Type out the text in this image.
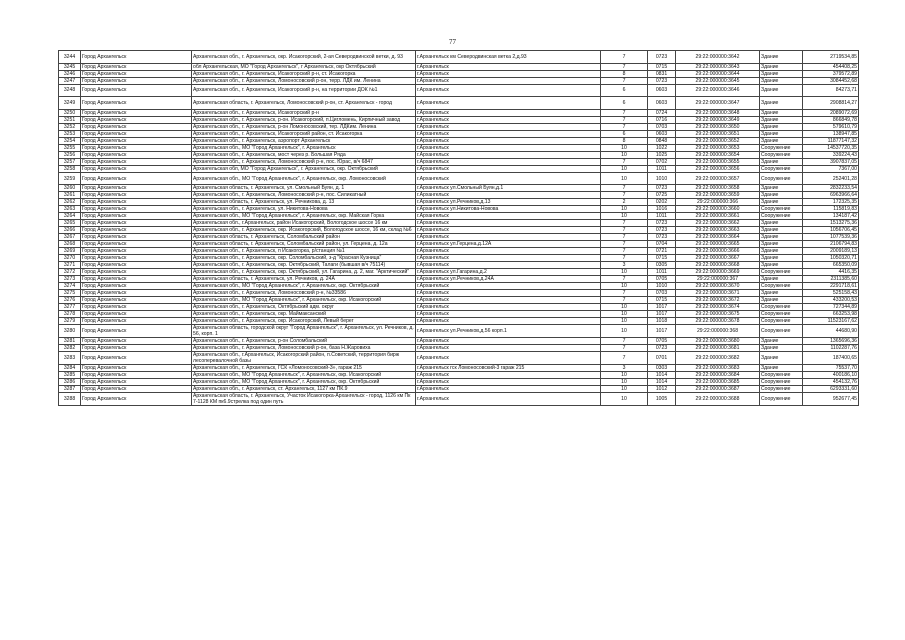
77
3244	Город Архангельск	Архангельская обл., г. Архангельск, окр. Исакогорский, 2-ая Северодвинской ветки, д. 93	г.Архангельск км Северодвинская ветка 2,д.93	7	0723	29:22:000000:3642	Здание	2719534,85
3245	Город Архангельск	обл Архангельская, МО "Город Архангельск", г Архангельск, окр Октябрьский	г.Архангельск	7	0715	29:22:000000:3643	Здание	454408,25
3246	Город Архангельск	Архангельская обл., г. Архангельск, Исакогорский р-н, ст. Исакогорка	г.Архангельск	8	0831	29:22:000000:3644	Здание	379572,89
3247	Город Архангельск	Архангельская обл., г. Архангельск, Ломоносовский р-он, терр. ЛДК им. Ленина	г.Архангельск	7	0723	29:22:000000:3645	Здание	3084452,68
3248	Город Архангельск	Архангельская обл., г. Архангельск, Исакогорский р-н, на территории ДОК №1	г.Архангельск	6	0603	29:22:000000:3646	Здание	84273,71
3249	Город Архангельск	Архангельская область, г. Архангельск, Ломоносовский р-он, ст. Архангельск - город	г.Архангельск	6	0603	29:22:000000:3647	Здание	2908814,27
3250	Город Архангельск	Архангельская обл., г. Архангельск, Исакогорский р-н	г.Архангельск	7	0724	29:22:000000:3648	Здание	2089072,69
3251	Город Архангельск	Архангельская обл., г. Архангельск, р-он. Исакогорский, п.Цигломень, Кирпичный завод	г.Архангельск	7	0716	29:22:000000:3649	Здание	866849,78
3252	Город Архангельск	Архангельская обл., г. Архангельск, р-он Ломоносовский, тер. ЛДКим. Ленина	г.Архангельск	7	0703	29:22:000000:3650	Здание	579610,79
3253	Город Архангельск	Архангельская обл., г. Архангельск, Исакогорский район, ст. Исакогорка	г.Архангельск	6	0603	29:22:000000:3651	Здание	138947,85
3254	Город Архангельск	Архангельская обл., г. Архангельск, аэропорт Архангельск	г.Архангельск	8	0848	29:22:000000:3652	Здание	11877147,32
3255	Город Архангельск	Архангельская обл., МО "Город Архангельск", г. Архангельск	г.Архангельск	10	1022	29:22:000000:3653	Сооружение	14537720,35
3256	Город Архангельск	Архангельская обл., г. Архангельск, мост через р. Большая Ряда	г.Архангельск	10	1025	29:22:000000:3654	Сооружение	339224,43
3257	Город Архангельск	Архангельская обл., г. Архангельск, Ломоносовский р-н, пос. Юрас, в/ч 6847	г.Архангельск	7	0702	29:22:000000:3655	Здание	3907837,05
3258	Город Архангельск	Архангельская обл, МО "Город Архангельск", г. Архангельск, окр. Октябрьский	г.Архангельск	10	1011	29:22:000000:3656	Сооружение	7367,00
3259	Город Архангельск	Архангельская обл., МО "Город Архангельск", г. Архангельск, окр. Ломоносовский	г.Архангельск	10	1010	29:22:000000:3657	Сооружение	252401,28
3260	Город Архангельск	Архангельская область, г. Архангельск, ул. Смольный Буян, д. 1	г.Архангельск ул.Смольный Буян,д.1	7	0723	29:22:000000:3658	Здание	2832233,54
3261	Город Архангельск	Архангельская обл., г. Архангельск, Ломоносовский р-н, пос. Силикатный	г.Архангельск	7	0725	29:22:000000:3659	Здание	6963966,64
3262	Город Архангельск	Архангельская область, г. Архангельск, ул. Речникова, д. 13	г.Архангельск ул.Речников,д.13	2	0202	29:22:000000:366	Здание	172325,35
3263	Город Архангельск	Архангельская обл., г. Архангельск, ул. Никитова-Новова	г.Архангельск ул.Никитова-Новова	10	1016	29:22:000000:3660	Сооружение	115819,83
3264	Город Архангельск	Архангельская обл., МО "Город Архангельск", г. Архангельск, окр. Майская Горка	г.Архангельск	10	1011	29:22:000000:3661	Сооружение	134187,42
3265	Город Архангельск	Архангельская обл., г.Архангельск, район Исакогорский, Вологодское шоссе 16 км	г.Архангельск	7	0723	29:22:000000:3662	Здание	1513275,36
3266	Город Архангельск	Архангельская обл., г. Архангельск, окр. Исакогорский, Вологодское шоссе, 16 км, склад №6	г.Архангельск	7	0723	29:22:000000:3663	Здание	1056706,45
3267	Город Архангельск	Архангельская область, г. Архангельск, Соломбальский район	г.Архангельск	7	0723	29:22:000000:3664	Здание	1077539,36
3268	Город Архангельск	Архангельская область, г. Архангельск, Соломбальский район, ул. Герцена, д. 12а	г.Архангельск ул.Герцена,д.12А	7	0704	29:22:000000:3665	Здание	2106794,83
3269	Город Архангельск	Архангельская обл., г. Архангельск, п Исакогорка, р/станция №1	г.Архангельск	7	0721	29:22:000000:3666	Здание	2009189,13
3270	Город Архангельск	Архангельская обл., г. Архангельск, окр. Соломбальский, з-д "Красная Кузница"	г.Архангельск	7	0715	29:22:000000:3667	Здание	1050320,71
3271	Город Архангельск	Архангельская обл., г. Архангельск, окр. Октябрьский, Талаги (бывшая в/ч 75114)	г.Архангельск	3	0305	29:22:000000:3668	Здание	665350,09
3272	Город Архангельск	Архангельская обл., г. Архангельск, окр. Октябрьский, ул. Гагарина, д. 2, маг. "Арктический"	г.Архангельск ул.Гагарина,д.2	10	1011	29:22:000000:3669	Сооружение	4416,35
3273	Город Архангельск	Архангельская область, г. Архангельск, ул. Речников, д. 24А	г.Архангельск ул.Речников,д.24А	7	0705	29:22:000000:367	Здание	2311385,60
3274	Город Архангельск	Архангельская обл., МО "Город Архангельск", г. Архангельск, окр. Октябрьский	г.Архангельск	10	1010	29:22:000000:3670	Сооружение	2291718,61
3275	Город Архангельск	Архангельская обл., г. Архангельск, Ломоносовский р-н, №33586	г.Архангельск	7	0703	29:22:000000:3671	Здание	525158,43
3276	Город Архангельск	Архангельская обл., МО "Город Архангельск", г. Архангельск, окр. Исакогорский	г.Архангельск	7	0715	29:22:000000:3672	Здание	433200,53
3277	Город Архангельск	Архангельская обл., г. Архангельск, Октябрьский адм. округ	г.Архангельск	10	1017	29:22:000000:3674	Сооружение	727344,89
3278	Город Архангельск	Архангельская обл., г. Архангельск, окр. Маймаксанский	г.Архангельск	10	1017	29:22:000000:3675	Сооружение	663253,98
3279	Город Архангельск	Архангельская обл., г. Архангельск, окр. Исакогорский, Левый берег	г.Архангельск	10	1018	29:22:000000:3678	Сооружение	11523167,62
3280	Город Архангельск	Архангельская область, городской округ "Город Архангельск", г. Архангельск, ул. Речников, д. 56, корп. 1	г.Архангельск ул.Речников,д.56 корп.1	10	1017	29:22:000000:368	Сооружение	44680,90
3281	Город Архангельск	Архангельская обл., г. Архангельск, р-он Соломбальский	г.Архангельск	7	0705	29:22:000000:3680	Здание	1365696,36
3282	Город Архангельск	Архангельская обл., г. Архангельск, Ломоносовский р-он, база Н.Жаровиха	г.Архангельск	7	0723	29:22:000000:3681	Здание	1102287,76
3283	Город Архангельск	Архангельская обл., г.Архангельск, Исакогорский район, п.Советский, территория бирж лесоперевалочной базы	г.Архангельск	7	0701	29:22:000000:3682	Здание	187400,65
3284	Город Архангельск	Архангельская обл., г. Архангельск, ГСК «Ломоносовский-3», гараж 215	г.Архангельск гск Ломоносовский-3 гараж 215	3	0303	29:22:000000:3683	Здание	75537,70
3285	Город Архангельск	Архангельская обл., МО "Город Архангельск", г. Архангельск, окр. Исакогорский	г.Архангельск	10	1014	29:22:000000:3684	Сооружение	400186,10
3286	Город Архангельск	Архангельская обл., МО "Город Архангельск", г. Архангельск, окр. Октябрьский	г.Архангельск	10	1014	29:22:000000:3685	Сооружение	454132,76
3287	Город Архангельск	Архангельская обл., г. Архангельск, ст. Архангельск, 1127 км ПК.9	г.Архангельск	10	1012	29:22:000000:3687	Сооружение	6293331,60
3288	Город Архангельск	Архангельская область, г. Архангельск, Участок Исакогорка-Архангельск - город, 1126 км Пк 7-1128 КМ пк6.9стрелка под один путь	г.Архангельск	10	1005	29:22:000000:3688	Сооружение	952677,45
